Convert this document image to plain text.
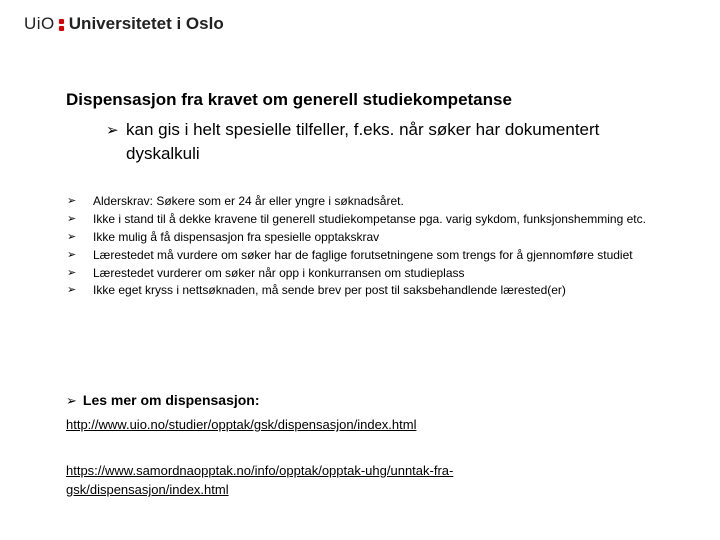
UiO Universitetet i Oslo
Dispensasjon fra kravet om generell studiekompetanse
➢ kan gis i helt spesielle tilfeller, f.eks. når søker har dokumentert dyskalkuli
➢ Alderskrav: Søkere som er 24 år eller yngre i søknadsåret.
➢ Ikke i stand til å dekke kravene til generell studiekompetanse pga. varig sykdom, funksjonshemming etc.
➢ Ikke mulig å få dispensasjon fra spesielle opptakskrav
➢ Lærestedet må vurdere om søker har de faglige forutsetningene som trengs for å gjennomføre studiet
➢ Lærestedet vurderer om søker når opp i konkurransen om studieplass
➢ Ikke eget kryss i nettsøknaden, må sende brev per post til saksbehandlende lærested(er)
➢ Les mer om dispensasjon:
http://www.uio.no/studier/opptak/gsk/dispensasjon/index.html
https://www.samordnaopptak.no/info/opptak/opptak-uhg/unntak-fra-gsk/dispensasjon/index.html
